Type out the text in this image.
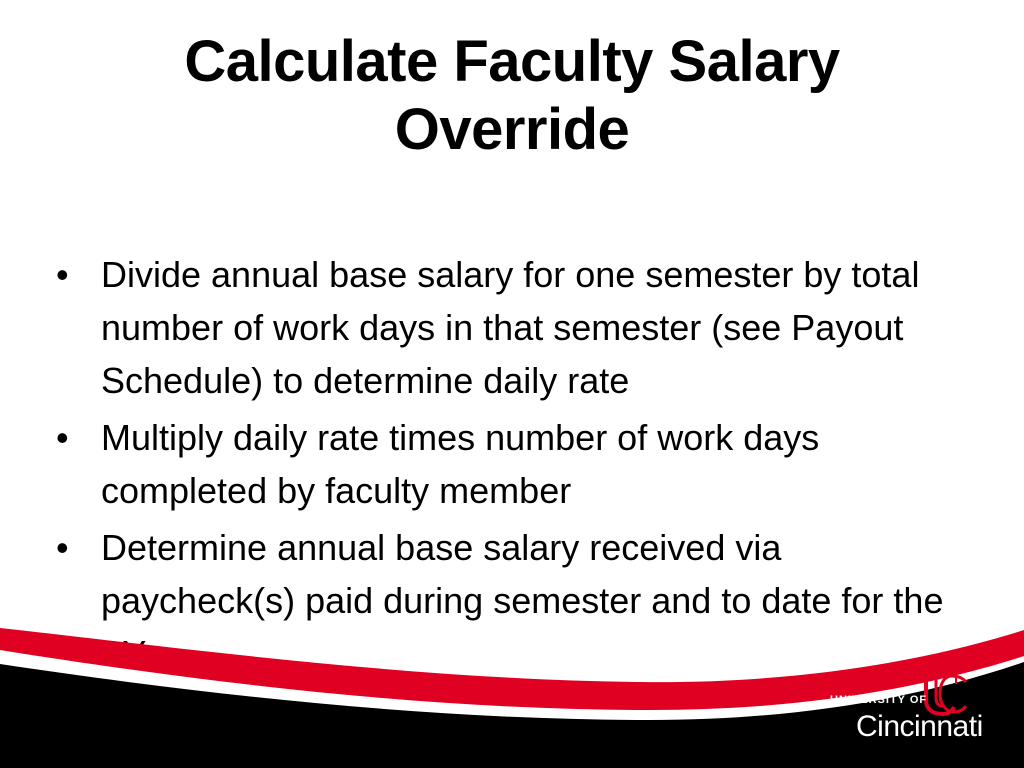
Calculate Faculty Salary
Override
• Divide annual base salary for one semester by total number of work days in that semester (see Payout Schedule) to determine daily rate
• Multiply daily rate times number of work days completed by faculty member
• Determine annual base salary received via paycheck(s) paid during semester and to date for the
UNIVERSITY OF
Cincinnati
